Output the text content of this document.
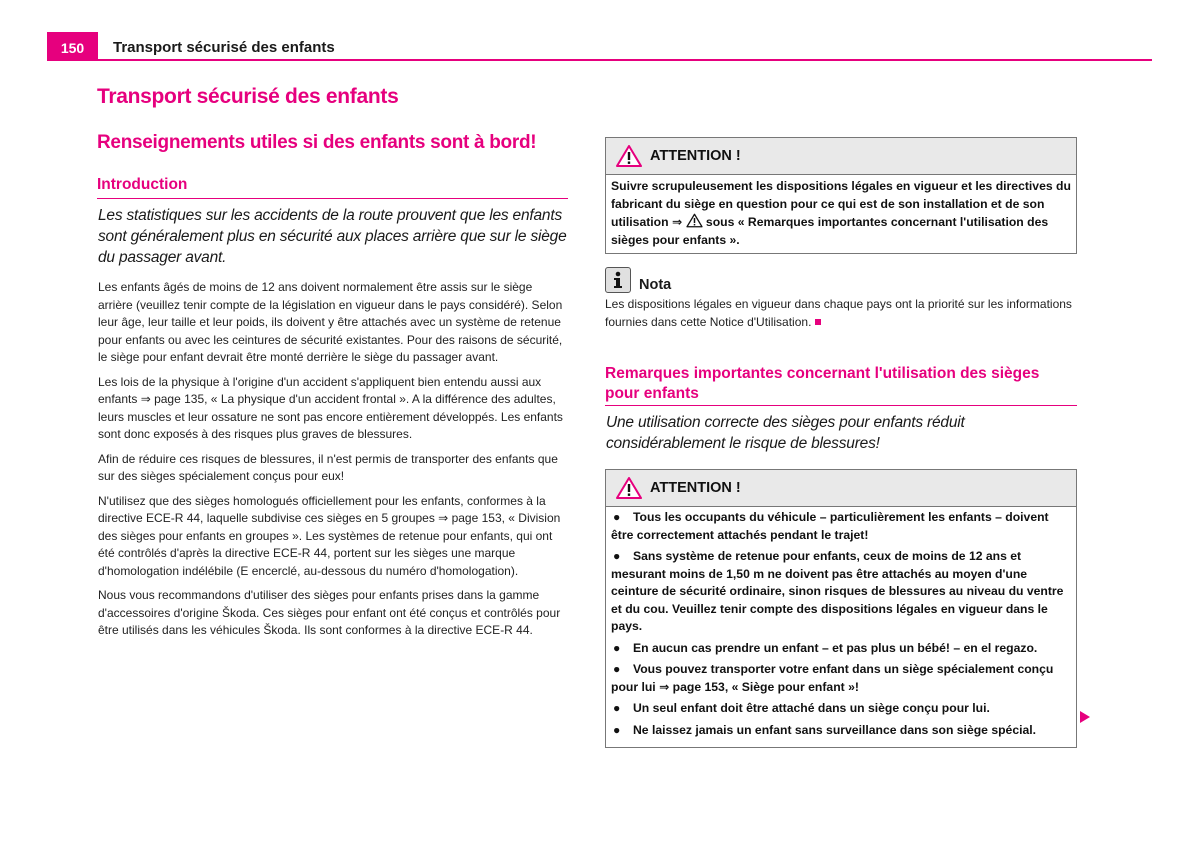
150 Transport sécurisé des enfants
Transport sécurisé des enfants
Renseignements utiles si des enfants sont à bord!
Introduction
Les statistiques sur les accidents de la route prouvent que les enfants sont généralement plus en sécurité aux places arrière que sur le siège du passager avant.

Les enfants âgés de moins de 12 ans doivent normalement être assis sur le siège arrière (veuillez tenir compte de la législation en vigueur dans le pays considéré). Selon leur âge, leur taille et leur poids, ils doivent y être attachés avec un système de retenue pour enfants ou avec les ceintures de sécurité existantes. Pour des raisons de sécurité, le siège pour enfant devrait être monté derrière le siège du passager avant.

Les lois de la physique à l'origine d'un accident s'appliquent bien entendu aussi aux enfants ⇒ page 135, « La physique d'un accident frontal ». A la différence des adultes, leurs muscles et leur ossature ne sont pas encore entièrement développés. Les enfants sont donc exposés à des risques plus graves de blessures.

Afin de réduire ces risques de blessures, il n'est permis de transporter des enfants que sur des sièges spécialement conçus pour eux!

N'utilisez que des sièges homologués officiellement pour les enfants, conformes à la directive ECE-R 44, laquelle subdivise ces sièges en 5 groupes ⇒ page 153, « Division des sièges pour enfants en groupes ». Les systèmes de retenue pour enfants, qui ont été contrôlés d'après la directive ECE-R 44, portent sur les sièges une marque d'homologation indélébile (E encerclé, au-dessous du numéro d'homologation).

Nous vous recommandons d'utiliser des sièges pour enfants prises dans la gamme d'accessoires d'origine Škoda. Ces sièges pour enfant ont été conçus et contrôlés pour être utilisés dans les véhicules Škoda. Ils sont conformes à la directive ECE-R 44.

ATTENTION !
Suivre scrupuleusement les dispositions légales en vigueur et les directives du fabricant du siège en question pour ce qui est de son installation et de son utilisation ⇒  sous « Remarques importantes concernant l'utilisation des sièges pour enfants ».
Nota
Les dispositions légales en vigueur dans chaque pays ont la priorité sur les informations fournies dans cette Notice d'Utilisation.
Remarques importantes concernant l'utilisation des sièges pour enfants
Une utilisation correcte des sièges pour enfants réduit considérablement le risque de blessures!
ATTENTION !

● Tous les occupants du véhicule – particulièrement les enfants – doivent être correctement attachés pendant le trajet!

● Sans système de retenue pour enfants, ceux de moins de 12 ans et mesurant moins de 1,50 m ne doivent pas être attachés au moyen d'une ceinture de sécurité ordinaire, sinon risques de blessures au niveau du ventre et du cou. Veuillez tenir compte des dispositions légales en vigueur dans le pays.

● En aucun cas prendre un enfant – et pas plus un bébé! – en el regazo.

● Vous pouvez transporter votre enfant dans un siège spécialement conçu pour lui ⇒ page 153, « Siège pour enfant »!

● Un seul enfant doit être attaché dans un siège conçu pour lui.

● Ne laissez jamais un enfant sans surveillance dans son siège spécial.
